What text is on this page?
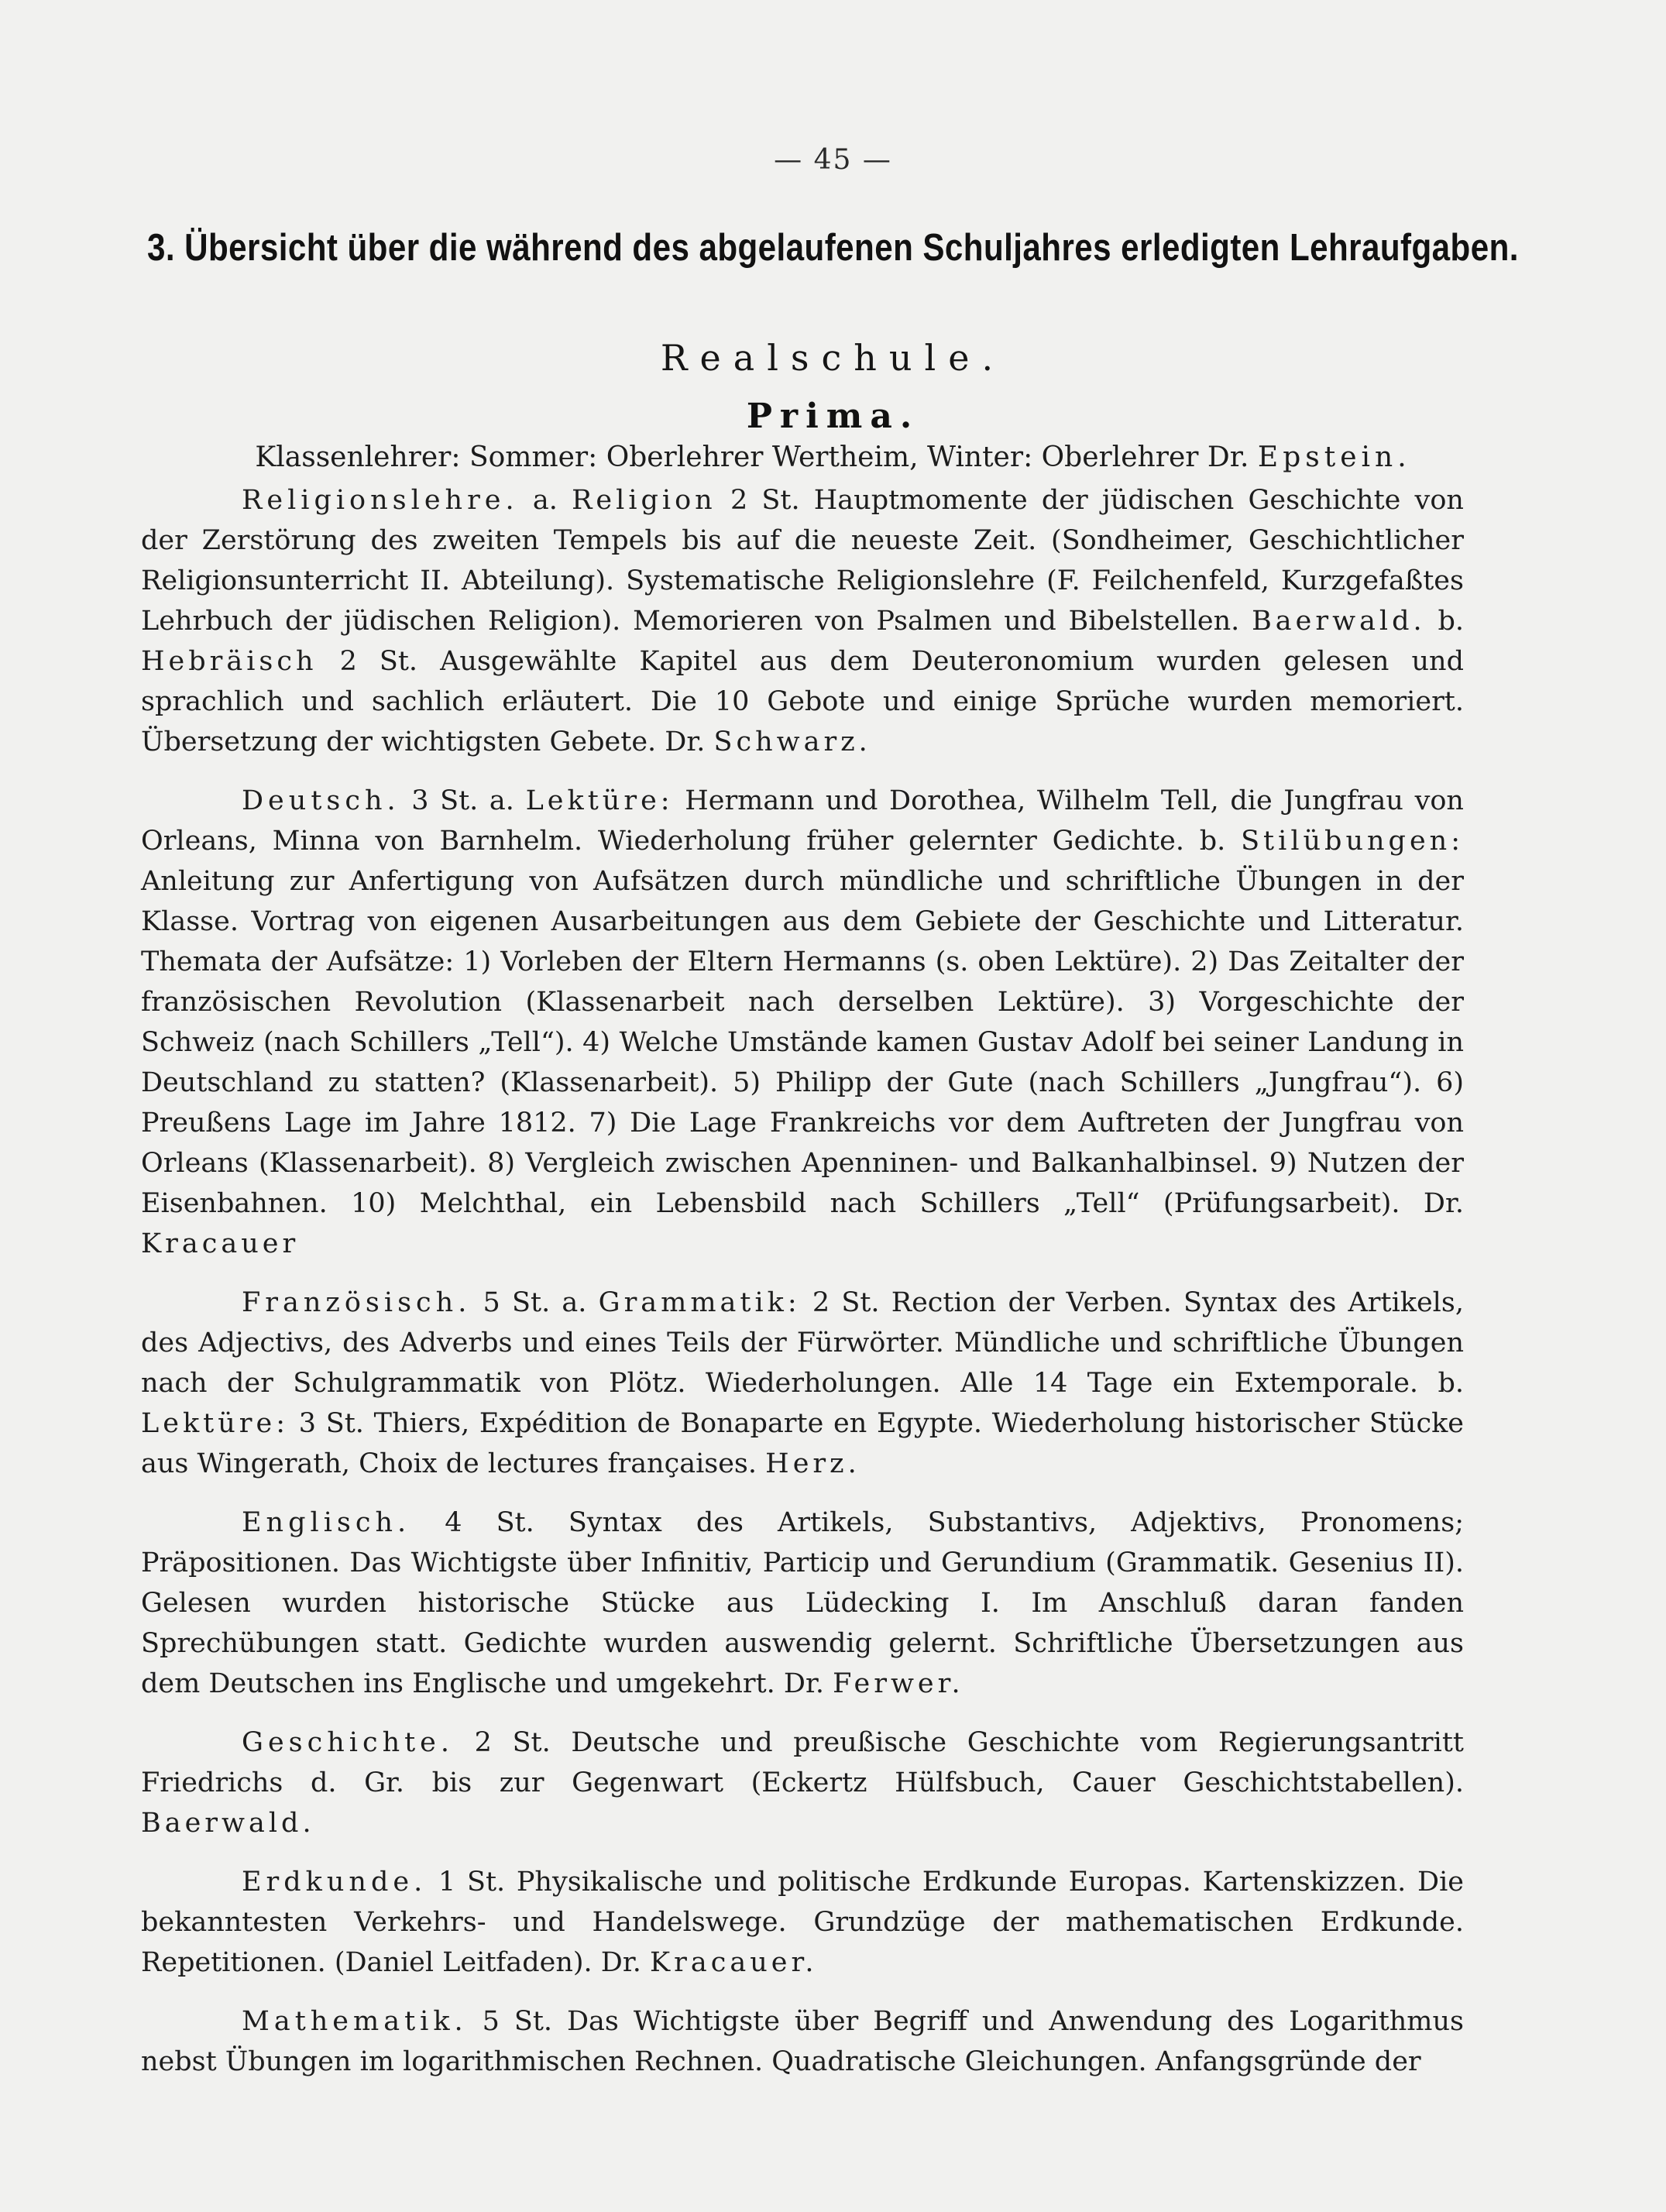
— 45 —
3. Übersicht über die während des abgelaufenen Schuljahres erledigten Lehraufgaben.
Realschule.
Prima.
Klassenlehrer: Sommer: Oberlehrer Wertheim, Winter: Oberlehrer Dr. Epstein.

Religionslehre. a. Religion 2 St. Hauptmomente der jüdischen Geschichte von der Zerstörung des zweiten Tempels bis auf die neueste Zeit. (Sondheimer, Geschichtlicher Religionsunterricht II. Abteilung). Systematische Religionslehre (F. Feilchenfeld, Kurzgefaßtes Lehrbuch der jüdischen Religion). Memorieren von Psalmen und Bibelstellen. Baerwald. b. Hebräisch 2 St. Ausgewählte Kapitel aus dem Deuteronomium wurden gelesen und sprachlich und sachlich erläutert. Die 10 Gebote und einige Sprüche wurden memoriert. Übersetzung der wichtigsten Gebete. Dr. Schwarz.

Deutsch. 3 St. a. Lektüre: Hermann und Dorothea, Wilhelm Tell, die Jungfrau von Orleans, Minna von Barnhelm. Wiederholung früher gelernter Gedichte. b. Stilübungen: Anleitung zur Anfertigung von Aufsätzen durch mündliche und schriftliche Übungen in der Klasse. Vortrag von eigenen Ausarbeitungen aus dem Gebiete der Geschichte und Litteratur. Thematа der Aufsätze: 1) Vorleben der Eltern Hermanns (s. oben Lektüre). 2) Das Zeitalter der französischen Revolution (Klassenarbeit nach derselben Lektüre). 3) Vorgeschichte der Schweiz (nach Schillers „Tell“). 4) Welche Umstände kamen Gustav Adolf bei seiner Landung in Deutschland zu statten? (Klassenarbeit). 5) Philipp der Gute (nach Schillers „Jungfrau“). 6) Preußens Lage im Jahre 1812. 7) Die Lage Frankreichs vor dem Auftreten der Jungfrau von Orleans (Klassenarbeit). 8) Vergleich zwischen Apenninen- und Balkanhalbinsel. 9) Nutzen der Eisenbahnen. 10) Melchthal, ein Lebensbild nach Schillers „Tell“ (Prüfungsarbeit). Dr. Kracauer

Französisch. 5 St. a. Grammatik: 2 St. Rection der Verben. Syntax des Artikels, des Adjectivs, des Adverbs und eines Teils der Fürwörter. Mündliche und schriftliche Übungen nach der Schulgrammatik von Plötz. Wiederholungen. Alle 14 Tage ein Extemporale. b. Lektüre: 3 St. Thiers, Expédition de Bonaparte en Egypte. Wiederholung historischer Stücke aus Wingerath, Choix de lectures françaises. Herz.

Englisch. 4 St. Syntax des Artikels, Substantivs, Adjektivs, Pronomens; Präpositionen. Das Wichtigste über Infinitiv, Particip und Gerundium (Grammatik. Gesenius II). Gelesen wurden historische Stücke aus Lüdecking I. Im Anschluß daran fanden Sprechübungen statt. Gedichte wurden auswendig gelernt. Schriftliche Übersetzungen aus dem Deutschen ins Englische und umgekehrt. Dr. Ferwer.

Geschichte. 2 St. Deutsche und preußische Geschichte vom Regierungsantritt Friedrichs d. Gr. bis zur Gegenwart (Eckertz Hülfsbuch, Cauer Geschichtstabellen). Baerwald.

Erdkunde. 1 St. Physikalische und politische Erdkunde Europas. Kartenskizzen. Die bekanntesten Verkehrs- und Handelswege. Grundzüge der mathematischen Erdkunde. Repetitionen. (Daniel Leitfaden). Dr. Kracauer.

Mathematik. 5 St. Das Wichtigste über Begriff und Anwendung des Logarithmus nebst Übungen im logarithmischen Rechnen. Quadratische Gleichungen. Anfangsgründe der
